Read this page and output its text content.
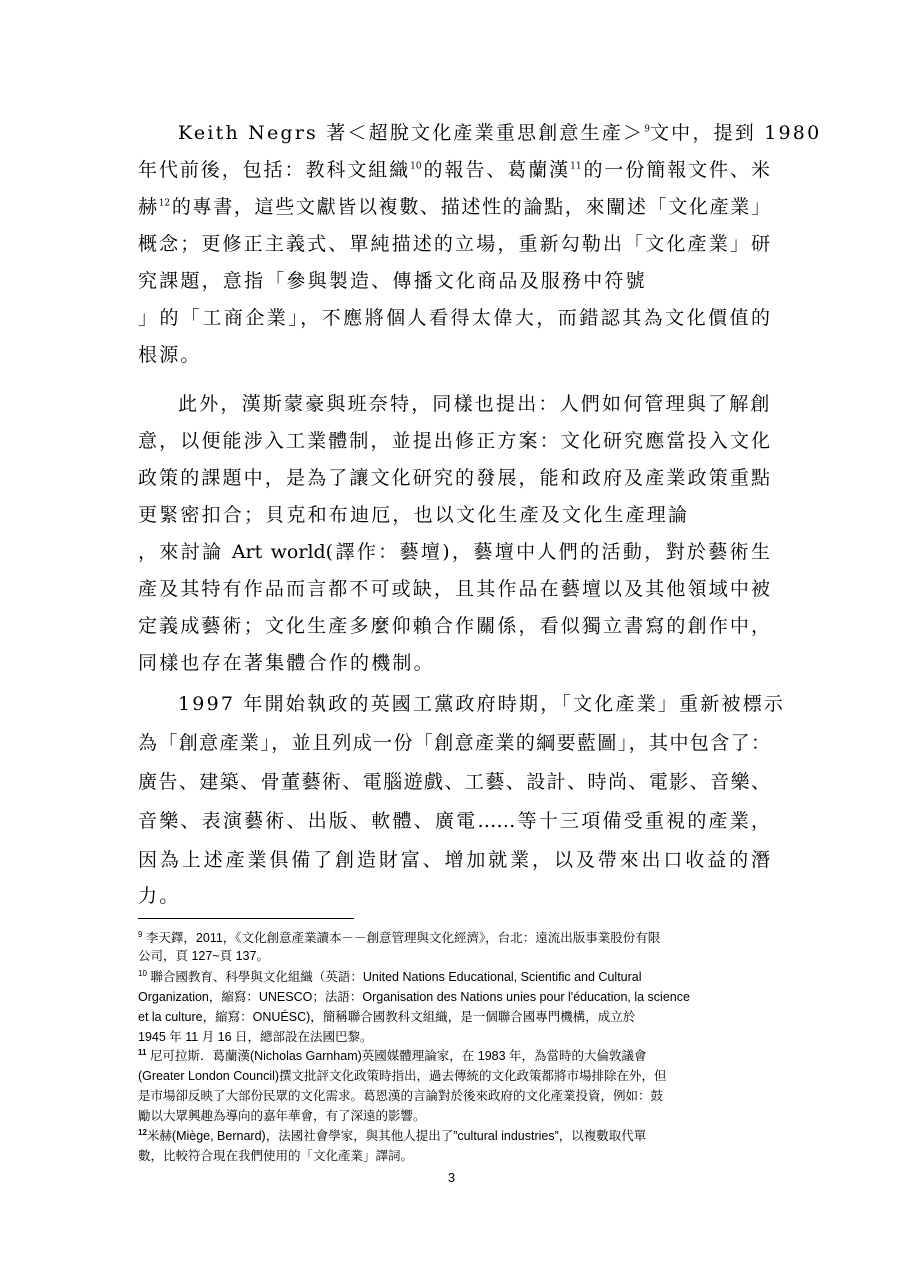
Keith Negrs 著＜超脫文化產業重思創意生產＞$^9$文中，提到 1980
年代前後，包括：教科文組織$^{10}$的報告、葛蘭漢$^{11}$的一份簡報文件、米
赫$^{12}$的專書，這些文獻皆以複數、描述性的論點，來闡述「文化產業」
概念；更修正主義式、單純描述的立場，重新勾勒出「文化產業」研
究課題，意指「參與製造、傳播文化商品及服務中符號
」的「工商企業」，不應將個人看得太偉大，而錯認其為文化價值的
根源。
此外，漢斯蒙豪與班奈特，同樣也提出：人們如何管理與了解創
意，以便能涉入工業體制，並提出修正方案：文化研究應當投入文化
政策的課題中，是為了讓文化研究的發展，能和政府及產業政策重點
更緊密扣合；貝克和布迪厄，也以文化生產及文化生產理論
，來討論 Art world(譯作：藝壇)，藝壇中人們的活動，對於藝術生
產及其特有作品而言都不可或缺，且其作品在藝壇以及其他領域中被
定義成藝術；文化生產多麼仰賴合作關係，看似獨立書寫的創作中，
同樣也存在著集體合作的機制。
1997 年開始執政的英國工黨政府時期，「文化產業」重新被標示
為「創意產業」，並且列成一份「創意產業的綱要藍圖」，其中包含了：
廣告、建築、骨董藝術、電腦遊戲、工藝、設計、時尚、電影、音樂、
音樂、表演藝術、出版、軟體、廣電……等十三項備受重視的產業，
因為上述產業俱備了創造財富、增加就業，以及帶來出口收益的潛
力。
$^9$ 李天鐸，2011，《文化創意產業讀本－－創意管理與文化經濟》，台北：遠流出版事業股份有限
公司，頁 127~頁 137。
$^{10}$ 聯合國教育、科學與文化組織（英語：United Nations Educational, Scientific and Cultural
Organization，縮寫：UNESCO；法語：Organisation des Nations unies pour l'éducation, la science
et la culture，縮寫：ONUÉSC)，簡稱聯合國教科文組織，是一個聯合國專門機構，成立於
1945 年 11 月 16 日，總部設在法國巴黎。
$^{11}$ 尼可拉斯．葛蘭漢(Nicholas Garnham)英國媒體理論家，在 1983 年，為當時的大倫敦議會
(Greater London Council)撰文批評文化政策時指出，過去傳統的文化政策都將市場排除在外，但
是市場卻反映了大部份民眾的文化需求。葛恩漢的言論對於後來政府的文化產業投資，例如：鼓
勵以大眾興趣為導向的嘉年華會，有了深遠的影響。
$^{12}$米赫(Miège, Bernard)，法國社會學家，與其他人提出了”cultural industries”，以複數取代單
數，比較符合現在我們使用的「文化產業」譯詞。
3
